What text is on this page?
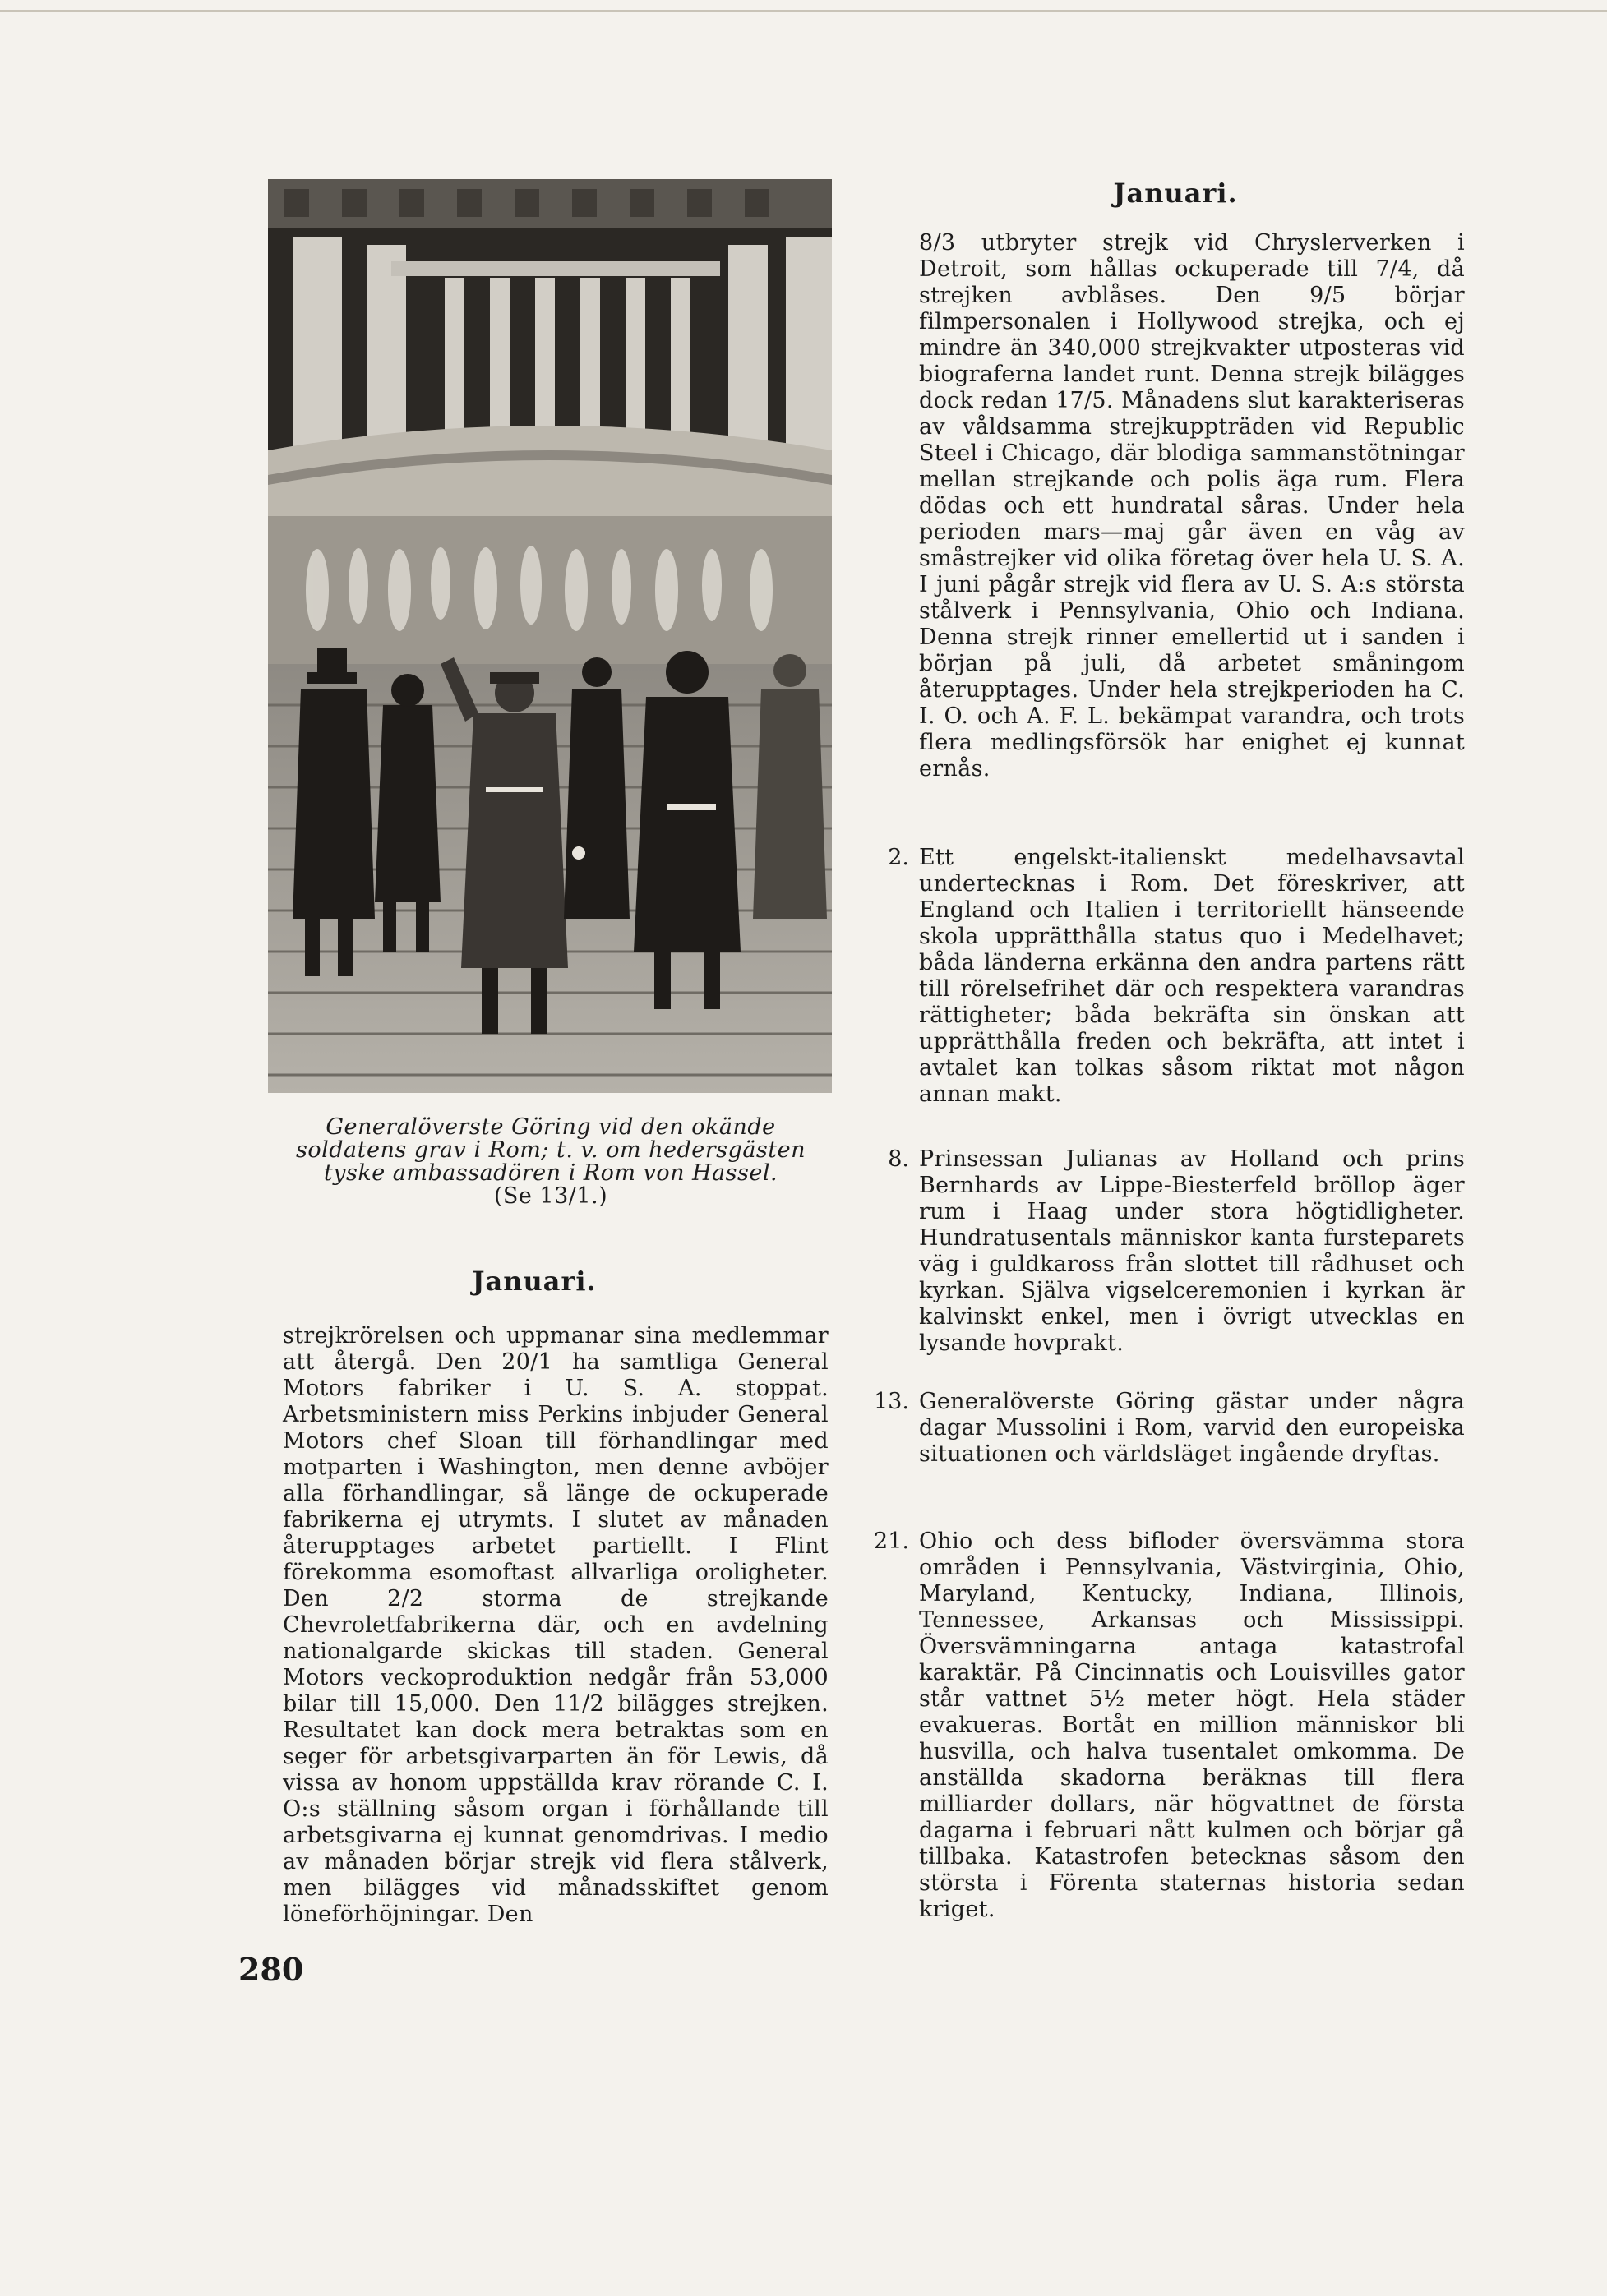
Generalöverste Göring vid den okände soldatens grav i Rom; t. v. om hedersgästen tyske ambassadören i Rom von Hassel.
(Se 13/1.)
Januari.
strejkrörelsen och uppmanar sina medlemmar att återgå. Den 20/1 ha samtliga General Motors fabriker i U. S. A. stoppat. Arbetsministern miss Perkins inbjuder General Motors chef Sloan till förhandlingar med motparten i Washington, men denne avböjer alla förhandlingar, så länge de ockuperade fabrikerna ej utrymts. I slutet av månaden återupptages arbetet partiellt. I Flint förekomma esomoftast allvarliga oroligheter. Den 2/2 storma de strejkande Chevroletfabrikerna där, och en avdelning nationalgarde skickas till staden. General Motors veckoproduktion nedgår från 53,000 bilar till 15,000. Den 11/2 bilägges strejken. Resultatet kan dock mera betraktas som en seger för arbetsgivarparten än för Lewis, då vissa av honom uppställda krav rörande C. I. O:s ställning såsom organ i förhållande till arbetsgivarna ej kunnat genomdrivas. I medio av månaden börjar strejk vid flera stålverk, men bilägges vid månadsskiftet genom löneförhöjningar. Den
Januari.
8/3 utbryter strejk vid Chryslerverken i Detroit, som hållas ockuperade till 7/4, då strejken avblåses. Den 9/5 börjar filmpersonalen i Hollywood strejka, och ej mindre än 340,000 strejkvakter utposteras vid biograferna landet runt. Denna strejk bilägges dock redan 17/5. Månadens slut karakteriseras av våldsamma strejkuppträden vid Republic Steel i Chicago, där blodiga sammanstötningar mellan strejkande och polis äga rum. Flera dödas och ett hundratal såras. Under hela perioden mars—maj går även en våg av småstrejker vid olika företag över hela U. S. A. I juni pågår strejk vid flera av U. S. A:s största stålverk i Pennsylvania, Ohio och Indiana. Denna strejk rinner emellertid ut i sanden i början på juli, då arbetet småningom återupptages. Under hela strejkperioden ha C. I. O. och A. F. L. bekämpat varandra, och trots flera medlingsförsök har enighet ej kunnat ernås.
2. Ett engelskt-italienskt medelhavsavtal undertecknas i Rom. Det föreskriver, att England och Italien i territoriellt hänseende skola upprätthålla status quo i Medelhavet; båda länderna erkänna den andra partens rätt till rörelsefrihet där och respektera varandras rättigheter; båda bekräfta sin önskan att upprätthålla freden och bekräfta, att intet i avtalet kan tolkas såsom riktat mot någon annan makt.
8. Prinsessan Julianas av Holland och prins Bernhards av Lippe-Biesterfeld bröllop äger rum i Haag under stora högtidligheter. Hundratusentals människor kanta fursteparets väg i guldkaross från slottet till rådhuset och kyrkan. Själva vigselceremonien i kyrkan är kalvinskt enkel, men i övrigt utvecklas en lysande hovprakt.
13. Generalöverste Göring gästar under några dagar Mussolini i Rom, varvid den europeiska situationen och världsläget ingående dryftas.
21. Ohio och dess bifloder översvämma stora områden i Pennsylvania, Västvirginia, Ohio, Maryland, Kentucky, Indiana, Illinois, Tennessee, Arkansas och Mississippi. Översvämningarna antaga katastrofal karaktär. På Cincinnatis och Louisvilles gator står vattnet 5½ meter högt. Hela städer evakueras. Bortåt en million människor bli husvilla, och halva tusentalet omkomma. De anställda skadorna beräknas till flera milliarder dollars, när högvattnet de första dagarna i februari nått kulmen och börjar gå tillbaka. Katastrofen betecknas såsom den största i Förenta staternas historia sedan kriget.
280
